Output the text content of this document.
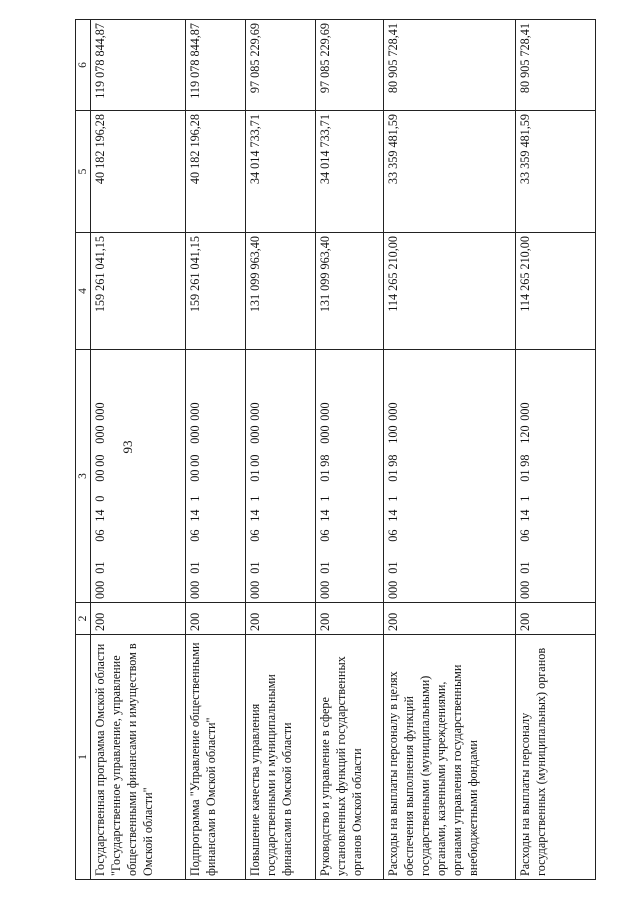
93
1	2	3	4	5	6
Государственная программа Омской области "Государственное управление, управление общественными финансами и имуществом в Омской области"	200	00001061400000000000	159 261 041,15	40 182 196,28	119 078 844,87
Подпрограмма "Управление общественными финансами в Омской области"	200	00001061410000000000	159 261 041,15	40 182 196,28	119 078 844,87
Повышение качества управления государственными и муниципальными финансами в Омской области	200	00001061410100000000	131 099 963,40	34 014 733,71	97 085 229,69
Руководство и управление в сфере установленных функций государственных органов Омской области	200	00001061410198000000	131 099 963,40	34 014 733,71	97 085 229,69
Расходы на выплаты персоналу в целях обеспечения выполнения функций государственными (муниципальными) органами, казенными учреждениями, органами управления государственными внебюджетными фондами	200	00001061410198100000	114 265 210,00	33 359 481,59	80 905 728,41
Расходы на выплаты персоналу государственных (муниципальных) органов	200	00001061410198120000	114 265 210,00	33 359 481,59	80 905 728,41
